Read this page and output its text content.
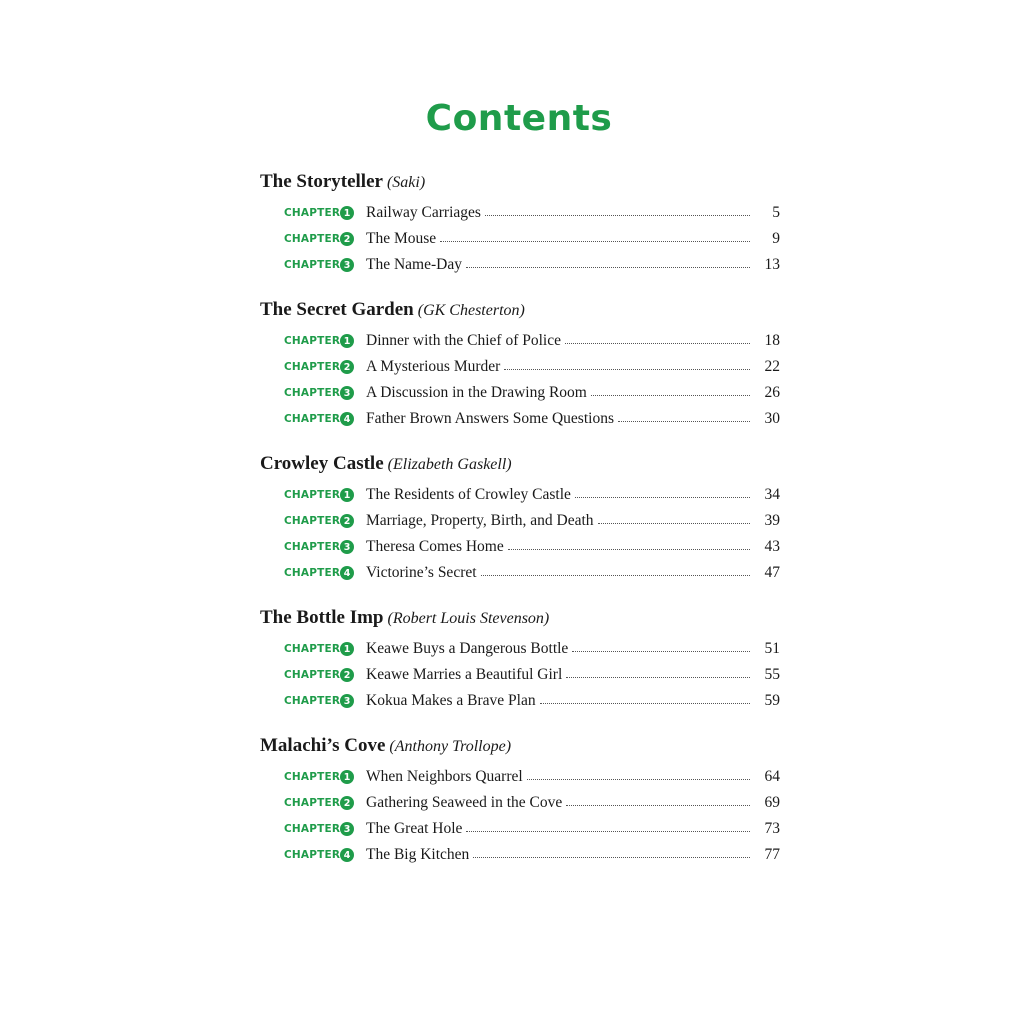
Contents
The Storyteller (Saki)
CHAPTER 1 Railway Carriages	5
CHAPTER 2 The Mouse	9
CHAPTER 3 The Name-Day	13
The Secret Garden (GK Chesterton)
CHAPTER 1 Dinner with the Chief of Police	18
CHAPTER 2 A Mysterious Murder	22
CHAPTER 3 A Discussion in the Drawing Room	26
CHAPTER 4 Father Brown Answers Some Questions	30
Crowley Castle (Elizabeth Gaskell)
CHAPTER 1 The Residents of Crowley Castle	34
CHAPTER 2 Marriage, Property, Birth, and Death	39
CHAPTER 3 Theresa Comes Home	43
CHAPTER 4 Victorine’s Secret	47
The Bottle Imp (Robert Louis Stevenson)
CHAPTER 1 Keawe Buys a Dangerous Bottle	51
CHAPTER 2 Keawe Marries a Beautiful Girl	55
CHAPTER 3 Kokua Makes a Brave Plan	59
Malachi’s Cove (Anthony Trollope)
CHAPTER 1 When Neighbors Quarrel	64
CHAPTER 2 Gathering Seaweed in the Cove	69
CHAPTER 3 The Great Hole	73
CHAPTER 4 The Big Kitchen	77
